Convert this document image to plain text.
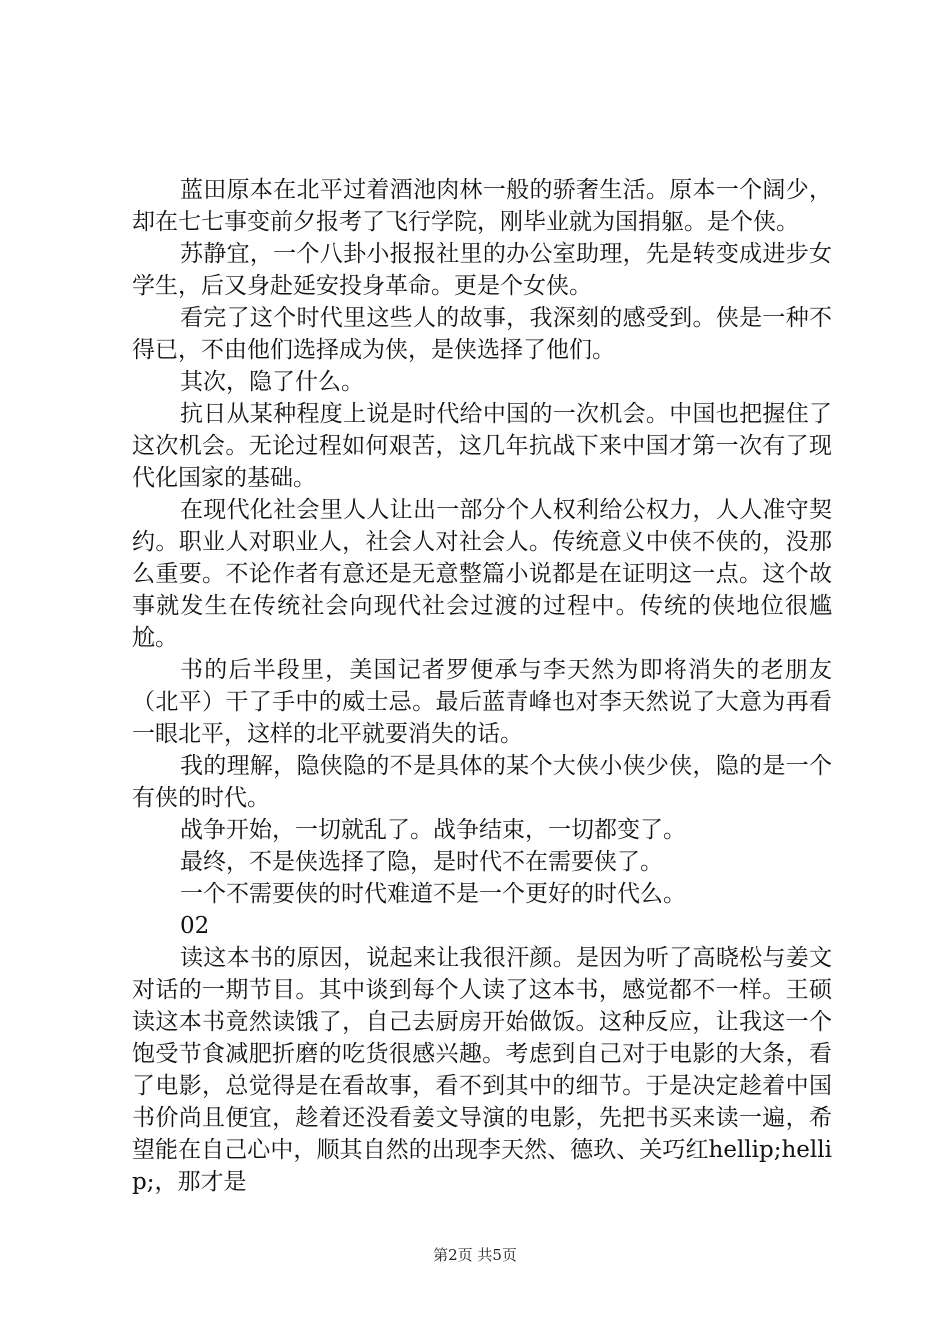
蓝田原本在北平过着酒池肉林一般的骄奢生活。原本一个阔少，却在七七事变前夕报考了飞行学院，刚毕业就为国捐躯。是个侠。

苏静宜，一个八卦小报报社里的办公室助理，先是转变成进步女学生，后又身赴延安投身革命。更是个女侠。

看完了这个时代里这些人的故事，我深刻的感受到。侠是一种不得已，不由他们选择成为侠，是侠选择了他们。

其次，隐了什么。

抗日从某种程度上说是时代给中国的一次机会。中国也把握住了这次机会。无论过程如何艰苦，这几年抗战下来中国才第一次有了现代化国家的基础。

在现代化社会里人人让出一部分个人权利给公权力，人人准守契约。职业人对职业人，社会人对社会人。传统意义中侠不侠的，没那么重要。不论作者有意还是无意整篇小说都是在证明这一点。这个故事就发生在传统社会向现代社会过渡的过程中。传统的侠地位很尴尬。

书的后半段里，美国记者罗便承与李天然为即将消失的老朋友（北平）干了手中的威士忌。最后蓝青峰也对李天然说了大意为再看一眼北平，这样的北平就要消失的话。

我的理解，隐侠隐的不是具体的某个大侠小侠少侠，隐的是一个有侠的时代。

战争开始，一切就乱了。战争结束，一切都变了。

最终，不是侠选择了隐，是时代不在需要侠了。

一个不需要侠的时代难道不是一个更好的时代么。

02

读这本书的原因，说起来让我很汗颜。是因为听了高晓松与姜文对话的一期节目。其中谈到每个人读了这本书，感觉都不一样。王硕读这本书竟然读饿了，自己去厨房开始做饭。这种反应，让我这一个饱受节食减肥折磨的吃货很感兴趣。考虑到自己对于电影的大条，看了电影，总觉得是在看故事，看不到其中的细节。于是决定趁着中国书价尚且便宜，趁着还没看姜文导演的电影，先把书买来读一遍，希望能在自己心中，顺其自然的出现李天然、德玖、关巧红hellip;hellip;，那才是

第2页 共5页
